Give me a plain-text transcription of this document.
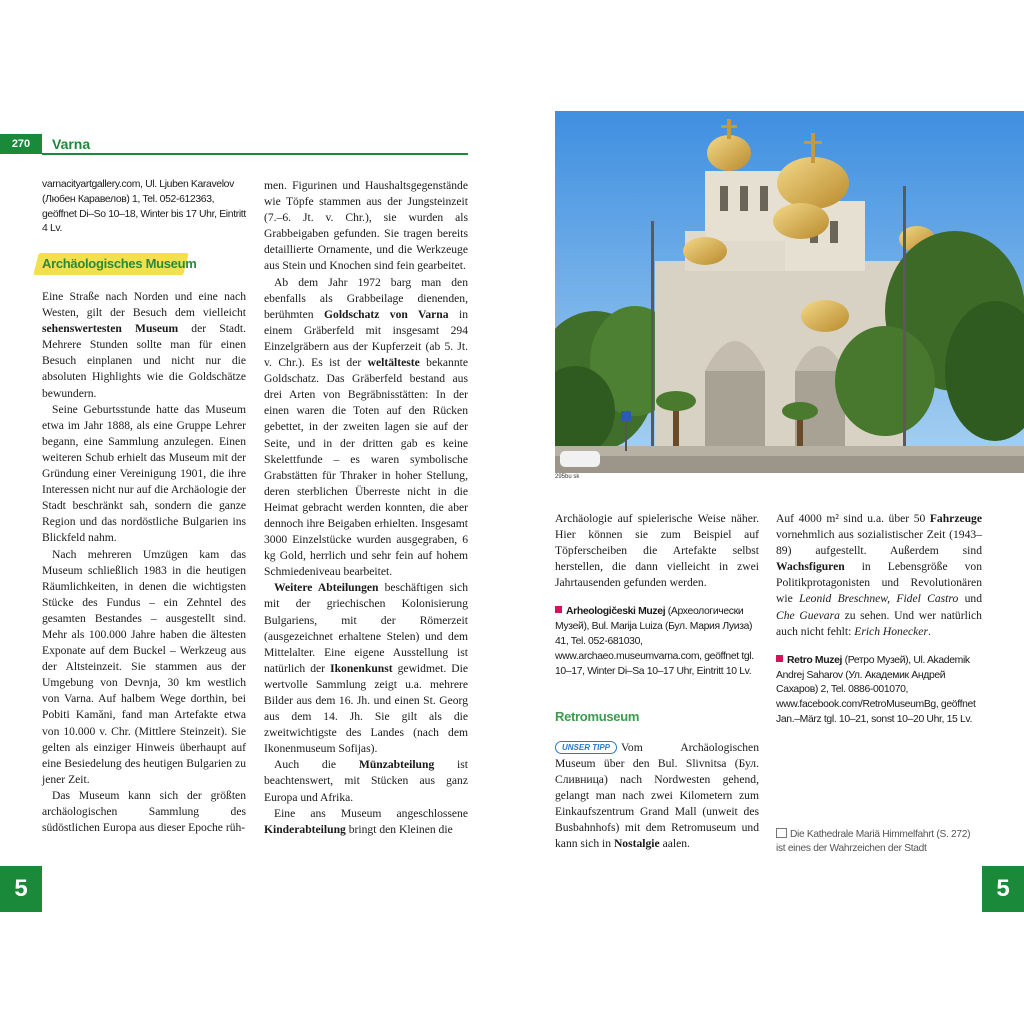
270	Varna
varnacityartgallery.com, Ul. Ljuben Karavelov (Любен Каравелов) 1, Tel. 052-612363, geöffnet Di–So 10–18, Winter bis 17 Uhr, Eintritt 4 Lv.
Archäologisches Museum

Eine Straße nach Norden und eine nach Westen, gilt der Besuch dem vielleicht sehenswertesten Museum der Stadt. Mehrere Stunden sollte man für einen Besuch einplanen und nicht nur die absoluten Highlights wie die Goldschätze bewundern.

Seine Geburtsstunde hatte das Museum etwa im Jahr 1888, als eine Gruppe Lehrer begann, eine Sammlung anzulegen. Einen weiteren Schub erhielt das Museum mit der Gründung einer Vereinigung 1901, die ihre Interessen nicht nur auf die Archäologie der Stadt beschränkt sah, sondern die ganze Region und das nordöstliche Bulgarien ins Blickfeld nahm.

Nach mehreren Umzügen kam das Museum schließlich 1983 in die heutigen Räumlichkeiten, in denen die wichtigsten Stücke des Fundus – ein Zehntel des gesamten Bestandes – ausgestellt sind. Mehr als 100.000 Jahre haben die ältesten Exponate auf dem Buckel – Werkzeug aus der Altsteinzeit. Sie stammen aus der Umgebung von Devnja, 30 km westlich von Varna. Auf halbem Wege dorthin, bei Pobiti Kamăni, fand man Artefakte etwa von 10.000 v. Chr. (Mittlere Steinzeit). Sie gelten als einziger Hinweis überhaupt auf eine Besiedelung des heutigen Bulgarien zu jener Zeit.

Das Museum kann sich der größten archäologischen Sammlung des südöstlichen Europa aus dieser Epoche rüh-

men. Figurinen und Haushaltsgegenstände wie Töpfe stammen aus der Jungsteinzeit (7.–6. Jt. v. Chr.), sie wurden als Grabbeigaben gefunden. Sie tragen bereits detaillierte Ornamente, und die Werkzeuge aus Stein und Knochen sind fein gearbeitet.

Ab dem Jahr 1972 barg man den ebenfalls als Grabbeilage dienenden, berühmten Goldschatz von Varna in einem Gräberfeld mit insgesamt 294 Einzelgräbern aus der Kupferzeit (ab 5. Jt. v. Chr.). Es ist der weltälteste bekannte Goldschatz. Das Gräberfeld bestand aus drei Arten von Begräbnisstätten: In der einen waren die Toten auf den Rücken gebettet, in der zweiten lagen sie auf der Seite, und in der dritten gab es keine Skelettfunde – es waren symbolische Grabstätten für Thraker in hoher Stellung, deren sterblichen Überreste nicht in die Heimat gebracht werden konnten, die aber dennoch ihre Beigaben erhielten. Insgesamt 3000 Einzelstücke wurden ausgegraben, 6 kg Gold, herrlich und sehr fein auf hohem Schmiedeniveau bearbeitet.

Weitere Abteilungen beschäftigen sich mit der griechischen Kolonisierung Bulgariens, mit der Römerzeit (ausgezeichnet erhaltene Stelen) und dem Mittelalter. Eine eigene Ausstellung ist natürlich der Ikonenkunst gewidmet. Die wertvolle Sammlung zeigt u.a. mehrere Bilder aus dem 16. Jh. und einen St. Georg aus dem 14. Jh. Sie gilt als die zweitwichtigste des Landes (nach dem Ikonenmuseum Sofijas).

Auch die Münzabteilung ist beachtenswert, mit Stücken aus ganz Europa und Afrika.

Eine ans Museum angeschlossene Kinderabteilung bringt den Kleinen die

5	5
295bu sk

Archäologie auf spielerische Weise näher. Hier können sie zum Beispiel auf Töpferscheiben die Artefakte selbst herstellen, die dann vielleicht in zwei Jahrtausenden gefunden werden.

Arheologičeski Muzej (Археологически Музей), Bul. Marija Luiza (Бул. Мария Луиза) 41, Tel. 052-681030, www.archaeo.museumvarna.com, geöffnet tgl. 10–17, Winter Di–Sa 10–17 Uhr, Eintritt 10 Lv.
Retromuseum

UNSER TIPP Vom Archäologischen Museum über den Bul. Slivnitsa (Бул. Сливница) nach Nordwesten gehend, gelangt man nach zwei Kilometern zum Einkaufszentrum Grand Mall (unweit des Busbahnhofs) mit dem Retromuseum und kann sich in Nostalgie aalen.

Auf 4000 m² sind u.a. über 50 Fahrzeuge vornehmlich aus sozialistischer Zeit (1943–89) aufgestellt. Außerdem sind Wachsfiguren in Lebensgröße von Politikprotagonisten und Revolutionären wie Leonid Breschnew, Fidel Castro und Che Guevara zu sehen. Und wer natürlich auch nicht fehlt: Erich Honecker.

Retro Muzej (Ретро Музей), Ul. Akademik Andrej Saharov (Ул. Академик Андрей Сахаров) 2, Tel. 0886-001070, www.facebook.com/RetroMuseumBg, geöffnet Jan.–März tgl. 10–21, sonst 10–20 Uhr, 15 Lv.
Die Kathedrale Mariä Himmelfahrt (S. 272) ist eines der Wahrzeichen der Stadt
